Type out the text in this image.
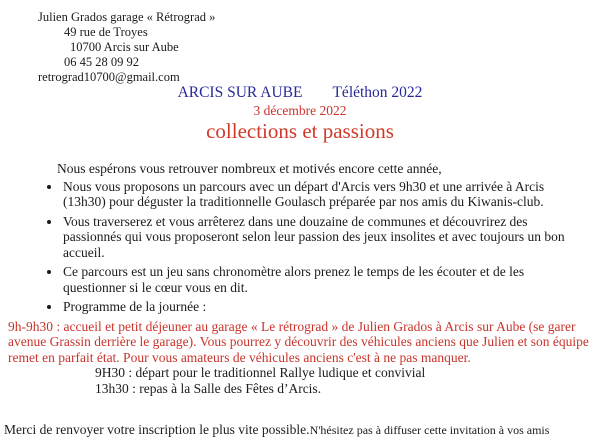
Julien Grados garage « Rétrograd »
49 rue de Troyes
10700 Arcis sur Aube
06 45 28 09 92
retrograd10700@gmail.com
ARCIS SUR AUBE Téléthon 2022
3 décembre 2022
collections et passions

Nous espérons vous retrouver nombreux et motivés encore cette année,

• Nous vous proposons un parcours avec un départ d'Arcis vers 9h30 et une arrivée à Arcis (13h30) pour déguster la traditionnelle Goulasch préparée par nos amis du Kiwanis-club.
• Vous traverserez et vous arrêterez dans une douzaine de communes et découvrirez des passionnés qui vous proposeront selon leur passion des jeux insolites et avec toujours un bon accueil.
• Ce parcours est un jeu sans chronomètre alors prenez le temps de les écouter et de les questionner si le cœur vous en dit.
• Programme de la journée :
9h-9h30 : accueil et petit déjeuner au garage « Le rétrograd » de Julien Grados à Arcis sur Aube (se garer avenue Grassin derrière le garage). Vous pourrez y découvrir des véhicules anciens que Julien et son équipe remet en parfait état. Pour vous amateurs de véhicules anciens c'est à ne pas manquer.
9H30 : départ pour le traditionnel Rallye ludique et convivial
13h30 : repas à la Salle des Fêtes d’Arcis.
Merci de renvoyer votre inscription le plus vite possible.N'hésitez pas à diffuser cette invitation à vos amis
